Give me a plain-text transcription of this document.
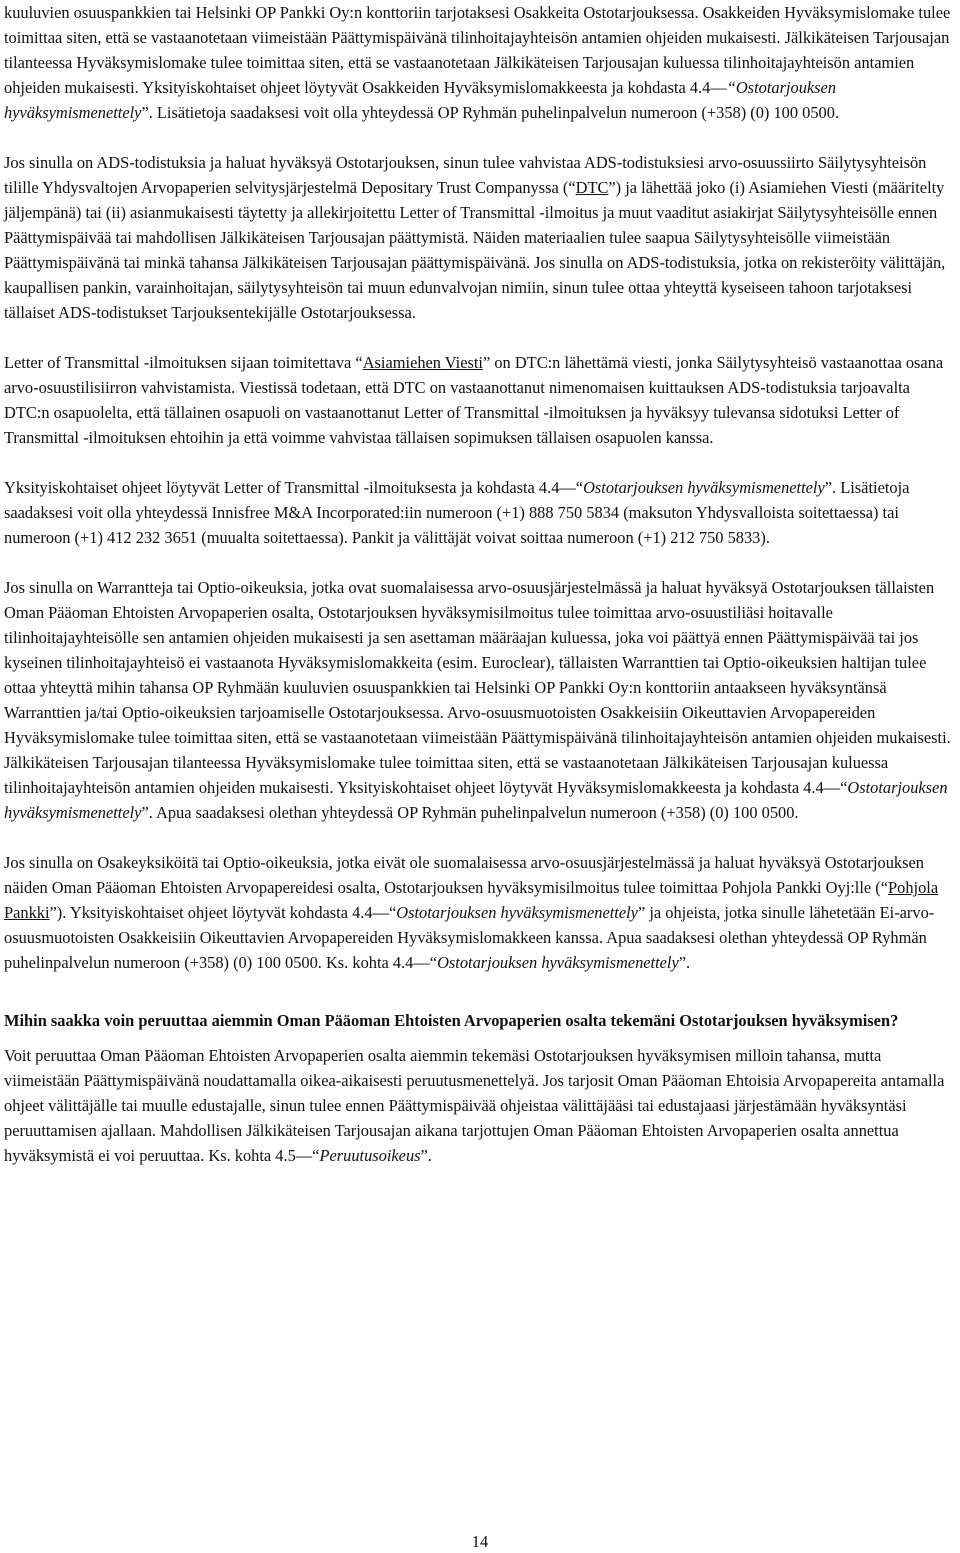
kuuluvien osuuspankkien tai Helsinki OP Pankki Oy:n konttoriin tarjotaksesi Osakkeita Ostotarjouksessa. Osakkeiden Hyväksymislomake tulee toimittaa siten, että se vastaanotetaan viimeistään Päättymispäivänä tilinhoitajayhteisön antamien ohjeiden mukaisesti. Jälkikäteisen Tarjousajan tilanteessa Hyväksymislomake tulee toimittaa siten, että se vastaanotetaan Jälkikäteisen Tarjousajan kuluessa tilinhoitajayhteisön antamien ohjeiden mukaisesti. Yksityiskohtaiset ohjeet löytyvät Osakkeiden Hyväksymislomakkeesta ja kohdasta 4.4—“Ostotarjouksen hyväksymismenettely”. Lisätietoja saadaksesi voit olla yhteydessä OP Ryhmän puhelinpalvelun numeroon (+358) (0) 100 0500.

Jos sinulla on ADS-todistuksia ja haluat hyväksyä Ostotarjouksen, sinun tulee vahvistaa ADS-todistuksiesi arvo-osuussiirto Säilytysyhteisön tilille Yhdysvaltojen Arvopaperien selvitysjärjestelmä Depositary Trust Companyssa (“DTC”) ja lähettää joko (i) Asiamiehen Viesti (määritelty jäljempänä) tai (ii) asianmukaisesti täytetty ja allekirjoitettu Letter of Transmittal -ilmoitus ja muut vaaditut asiakirjat Säilytysyhteisölle ennen Päättymispäivää tai mahdollisen Jälkikäteisen Tarjousajan päättymistä. Näiden materiaalien tulee saapua Säilytysyhteisölle viimeistään Päättymispäivänä tai minkä tahansa Jälkikäteisen Tarjousajan päättymispäivänä. Jos sinulla on ADS-todistuksia, jotka on rekisteröity välittäjän, kaupallisen pankin, varainhoitajan, säilytysyhteisön tai muun edunvalvojan nimiin, sinun tulee ottaa yhteyttä kyseiseen tahoon tarjotaksesi tällaiset ADS-todistukset Tarjouksentekijälle Ostotarjouksessa.

Letter of Transmittal -ilmoituksen sijaan toimitettava “Asiamiehen Viesti” on DTC:n lähettämä viesti, jonka Säilytysyhteisö vastaanottaa osana arvo-osuustilisiirron vahvistamista. Viestissä todetaan, että DTC on vastaanottanut nimenomaisen kuittauksen ADS-todistuksia tarjoavalta DTC:n osapuolelta, että tällainen osapuoli on vastaanottanut Letter of Transmittal -ilmoituksen ja hyväksyy tulevansa sidotuksi Letter of Transmittal -ilmoituksen ehtoihin ja että voimme vahvistaa tällaisen sopimuksen tällaisen osapuolen kanssa.

Yksityiskohtaiset ohjeet löytyvät Letter of Transmittal -ilmoituksesta ja kohdasta 4.4—“Ostotarjouksen hyväksymismenettely”. Lisätietoja saadaksesi voit olla yhteydessä Innisfree M&A Incorporated:iin numeroon (+1) 888 750 5834 (maksuton Yhdysvalloista soitettaessa) tai numeroon (+1) 412 232 3651 (muualta soitettaessa). Pankit ja välittäjät voivat soittaa numeroon (+1) 212 750 5833).

Jos sinulla on Warrantteja tai Optio-oikeuksia, jotka ovat suomalaisessa arvo-osuusjärjestelmässä ja haluat hyväksyä Ostotarjouksen tällaisten Oman Pääoman Ehtoisten Arvopaperien osalta, Ostotarjouksen hyväksymisilmoitus tulee toimittaa arvo-osuustiliäsi hoitavalle tilinhoitajayhteisölle sen antamien ohjeiden mukaisesti ja sen asettaman määräajan kuluessa, joka voi päättyä ennen Päättymispäivää tai jos kyseinen tilinhoitajayhteisö ei vastaanota Hyväksymislomakkeita (esim. Euroclear), tällaisten Warranttien tai Optio-oikeuksien haltijan tulee ottaa yhteyttä mihin tahansa OP Ryhmään kuuluvien osuuspankkien tai Helsinki OP Pankki Oy:n konttoriin antaakseen hyväksyntänsä Warranttien ja/tai Optio-oikeuksien tarjoamiselle Ostotarjouksessa. Arvo-osuusmuotoisten Osakkeisiin Oikeuttavien Arvopapereiden Hyväksymislomake tulee toimittaa siten, että se vastaanotetaan viimeistään Päättymispäivänä tilinhoitajayhteisön antamien ohjeiden mukaisesti. Jälkikäteisen Tarjousajan tilanteessa Hyväksymislomake tulee toimittaa siten, että se vastaanotetaan Jälkikäteisen Tarjousajan kuluessa tilinhoitajayhteisön antamien ohjeiden mukaisesti. Yksityiskohtaiset ohjeet löytyvät Hyväksymislomakkeesta ja kohdasta 4.4—“Ostotarjouksen hyväksymismenettely”. Apua saadaksesi olethan yhteydessä OP Ryhmän puhelinpalvelun numeroon (+358) (0) 100 0500.

Jos sinulla on Osakeyksiköitä tai Optio-oikeuksia, jotka eivät ole suomalaisessa arvo-osuusjärjestelmässä ja haluat hyväksyä Ostotarjouksen näiden Oman Pääoman Ehtoisten Arvopapereidesi osalta, Ostotarjouksen hyväksymisilmoitus tulee toimittaa Pohjola Pankki Oyj:lle (“Pohjola Pankki”). Yksityiskohtaiset ohjeet löytyvät kohdasta 4.4—“Ostotarjouksen hyväksymismenettely” ja ohjeista, jotka sinulle lähetetään Ei-arvo-osuusmuotoisten Osakkeisiin Oikeuttavien Arvopapereiden Hyväksymislomakkeen kanssa. Apua saadaksesi olethan yhteydessä OP Ryhmän puhelinpalvelun numeroon (+358) (0) 100 0500. Ks. kohta 4.4—“Ostotarjouksen hyväksymismenettely”.

Mihin saakka voin peruuttaa aiemmin Oman Pääoman Ehtoisten Arvopaperien osalta tekemäni Ostotarjouksen hyväksymisen?

Voit peruuttaa Oman Pääoman Ehtoisten Arvopaperien osalta aiemmin tekemäsi Ostotarjouksen hyväksymisen milloin tahansa, mutta viimeistään Päättymispäivänä noudattamalla oikea-aikaisesti peruutusmenettelyä. Jos tarjosit Oman Pääoman Ehtoisia Arvopapereita antamalla ohjeet välittäjälle tai muulle edustajalle, sinun tulee ennen Päättymispäivää ohjeistaa välittäjääsi tai edustajaasi järjestämään hyväksyntäsi peruuttamisen ajallaan. Mahdollisen Jälkikäteisen Tarjousajan aikana tarjottujen Oman Pääoman Ehtoisten Arvopaperien osalta annettua hyväksymistä ei voi peruuttaa. Ks. kohta 4.5—“Peruutusoikeus”.

14
